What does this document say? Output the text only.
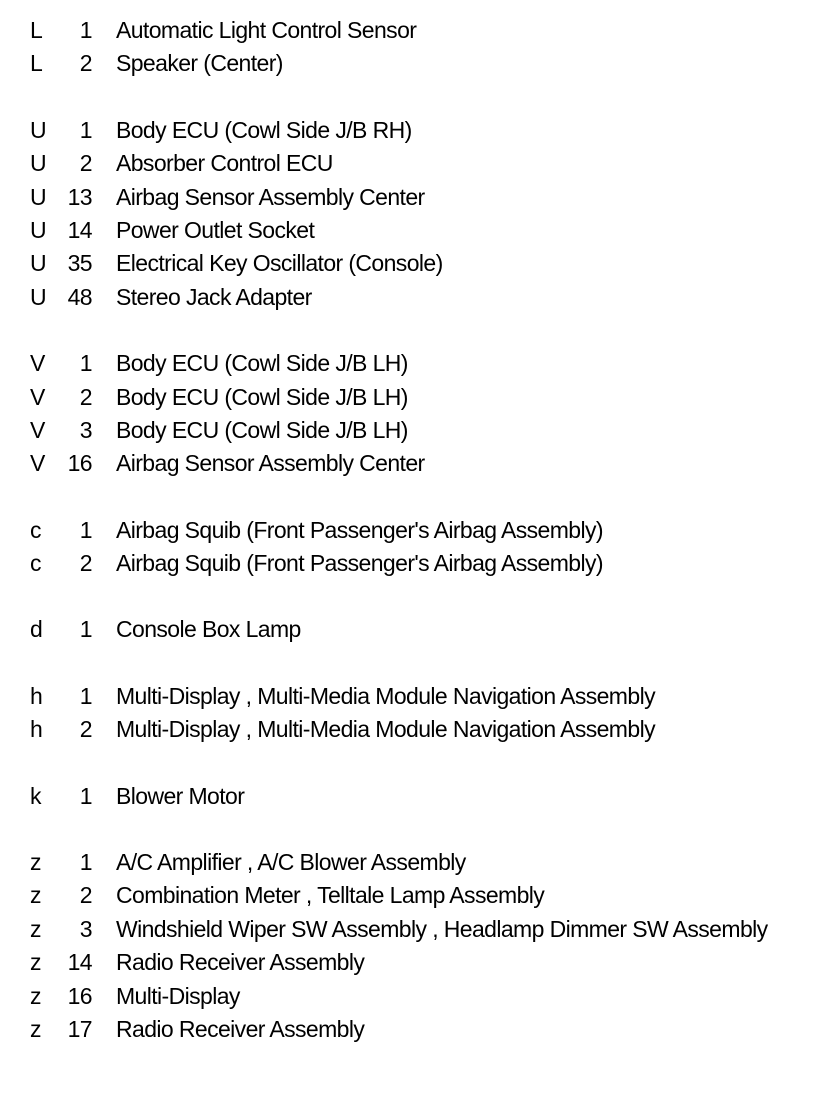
L	1 Automatic Light Control Sensor
L	2 Speaker (Center)
U	1 Body ECU (Cowl Side J/B RH)
U	2 Absorber Control ECU
U 13 Airbag Sensor Assembly Center
U 14 Power Outlet Socket
U 35 Electrical Key Oscillator (Console)
U 48 Stereo Jack Adapter
V	1 Body ECU (Cowl Side J/B LH)
V	2 Body ECU (Cowl Side J/B LH)
V	3 Body ECU (Cowl Side J/B LH)
V 16 Airbag Sensor Assembly Center
c	1 Airbag Squib (Front Passenger's Airbag Assembly)
c	2 Airbag Squib (Front Passenger's Airbag Assembly)
d	1 Console Box Lamp
h	1 Multi-Display , Multi-Media Module Navigation Assembly
h	2 Multi-Display , Multi-Media Module Navigation Assembly
k	1 Blower Motor
z	1 A/C Amplifier , A/C Blower Assembly
z	2 Combination Meter , Telltale Lamp Assembly
z	3 Windshield Wiper SW Assembly , Headlamp Dimmer SW Assembly
z	14 Radio Receiver Assembly
z	16 Multi-Display
z	17 Radio Receiver Assembly
